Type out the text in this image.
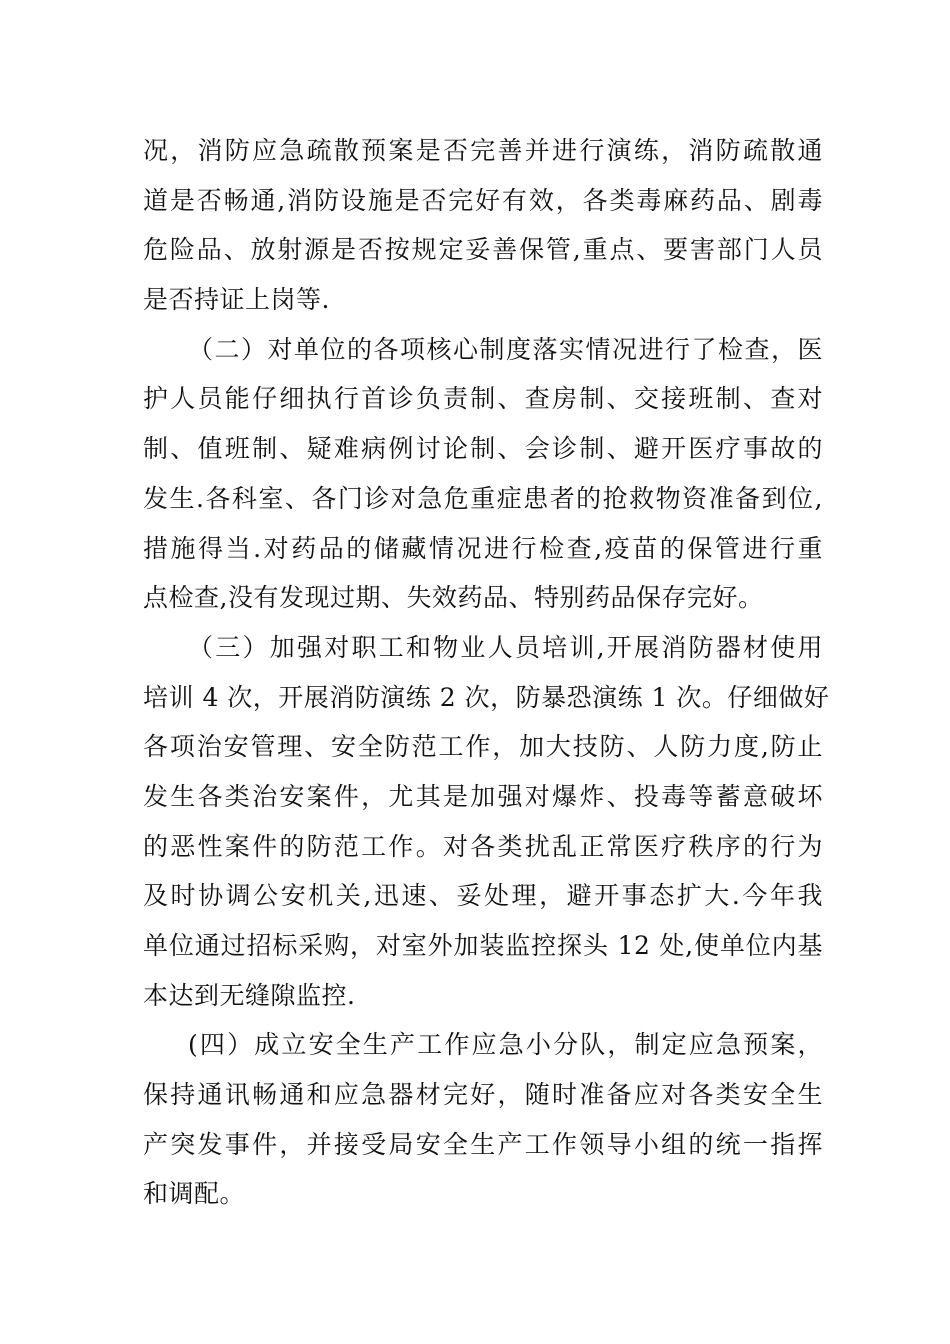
况，消防应急疏散预案是否完善并进行演练，消防疏散通
道是否畅通,消防设施是否完好有效，各类毒麻药品、剧毒
危险品、放射源是否按规定妥善保管,重点、要害部门人员
是否持证上岗等.
（二）对单位的各项核心制度落实情况进行了检查，医
护人员能仔细执行首诊负责制、查房制、交接班制、查对
制、值班制、疑难病例讨论制、会诊制、避开医疗事故的
发生.各科室、各门诊对急危重症患者的抢救物资准备到位,
措施得当.对药品的储藏情况进行检查,疫苗的保管进行重
点检查,没有发现过期、失效药品、特别药品保存完好。
（三）加强对职工和物业人员培训,开展消防器材使用
培训 4 次，开展消防演练 2 次，防暴恐演练 1 次。仔细做好
各项治安管理、安全防范工作，加大技防、人防力度,防止
发生各类治安案件，尤其是加强对爆炸、投毒等蓄意破坏
的恶性案件的防范工作。对各类扰乱正常医疗秩序的行为
及时协调公安机关,迅速、妥处理，避开事态扩大.今年我
单位通过招标采购，对室外加装监控探头 12 处,使单位内基
本达到无缝隙监控.
(四）成立安全生产工作应急小分队，制定应急预案，
保持通讯畅通和应急器材完好，随时准备应对各类安全生
产突发事件，并接受局安全生产工作领导小组的统一指挥
和调配。
